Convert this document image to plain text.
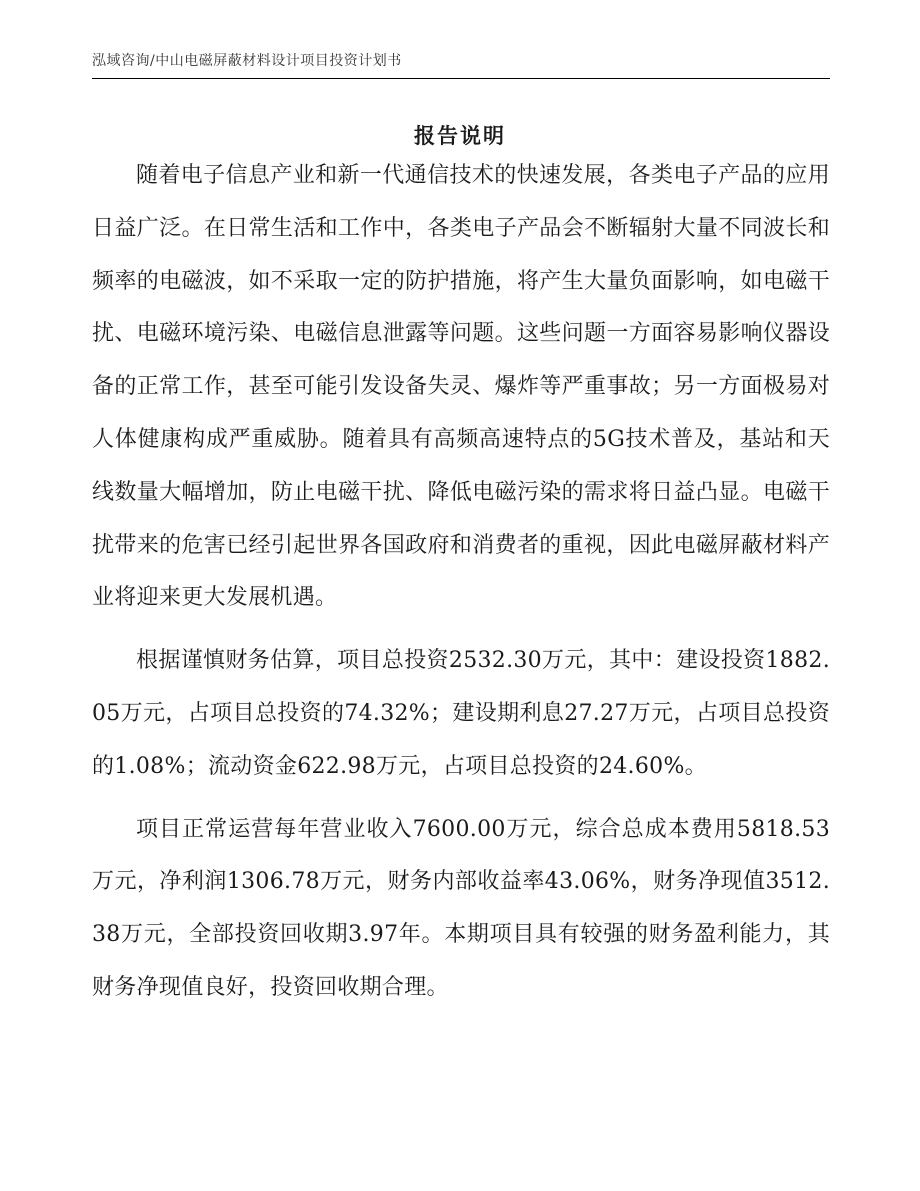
泓域咨询/中山电磁屏蔽材料设计项目投资计划书
报告说明

随着电子信息产业和新一代通信技术的快速发展，各类电子产品的应用日益广泛。在日常生活和工作中，各类电子产品会不断辐射大量不同波长和频率的电磁波，如不采取一定的防护措施，将产生大量负面影响，如电磁干扰、电磁环境污染、电磁信息泄露等问题。这些问题一方面容易影响仪器设备的正常工作，甚至可能引发设备失灵、爆炸等严重事故；另一方面极易对人体健康构成严重威胁。随着具有高频高速特点的5G技术普及，基站和天线数量大幅增加，防止电磁干扰、降低电磁污染的需求将日益凸显。电磁干扰带来的危害已经引起世界各国政府和消费者的重视，因此电磁屏蔽材料产业将迎来更大发展机遇。

根据谨慎财务估算，项目总投资2532.30万元，其中：建设投资1882.05万元，占项目总投资的74.32%；建设期利息27.27万元，占项目总投资的1.08%；流动资金622.98万元，占项目总投资的24.60%。

项目正常运营每年营业收入7600.00万元，综合总成本费用5818.53万元，净利润1306.78万元，财务内部收益率43.06%，财务净现值3512.38万元，全部投资回收期3.97年。本期项目具有较强的财务盈利能力，其财务净现值良好，投资回收期合理。
